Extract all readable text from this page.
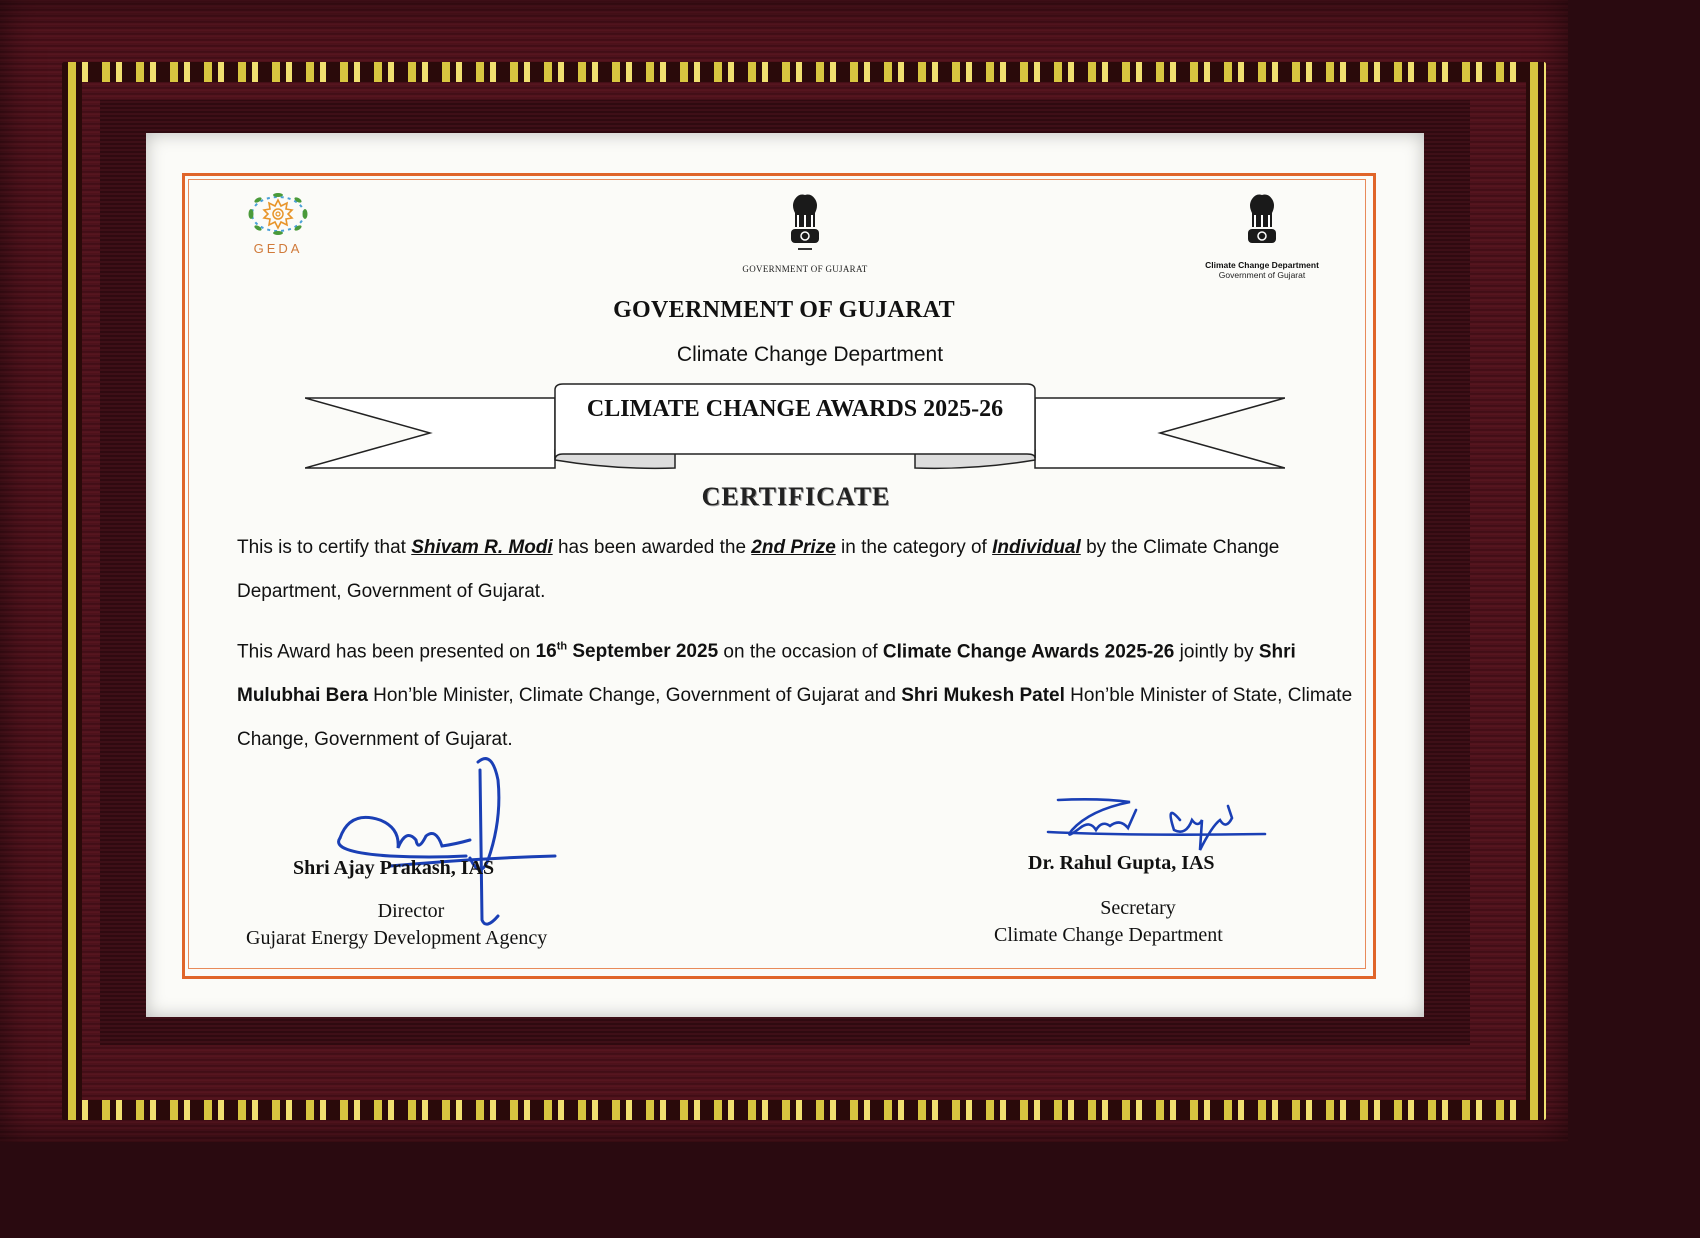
GEDA
GOVERNMENT OF GUJARAT	Climate Change Department
Government of Gujarat
GOVERNMENT OF GUJARAT
Climate Change Department
CLIMATE CHANGE AWARDS 2025-26
CERTIFICATE
This is to certify that Shivam R. Modi has been awarded the 2nd Prize in the category of Individual by the Climate Change Department, Government of Gujarat.
This Award has been presented on 16th September 2025 on the occasion of Climate Change Awards 2025-26 jointly by Shri Mulubhai Bera Hon’ble Minister, Climate Change, Government of Gujarat and Shri Mukesh Patel Hon’ble Minister of State, Climate Change, Government of Gujarat.
Shri Ajay Prakash, IAS
Director
Gujarat Energy Development Agency
Dr. Rahul Gupta, IAS
Secretary
Climate Change Department
